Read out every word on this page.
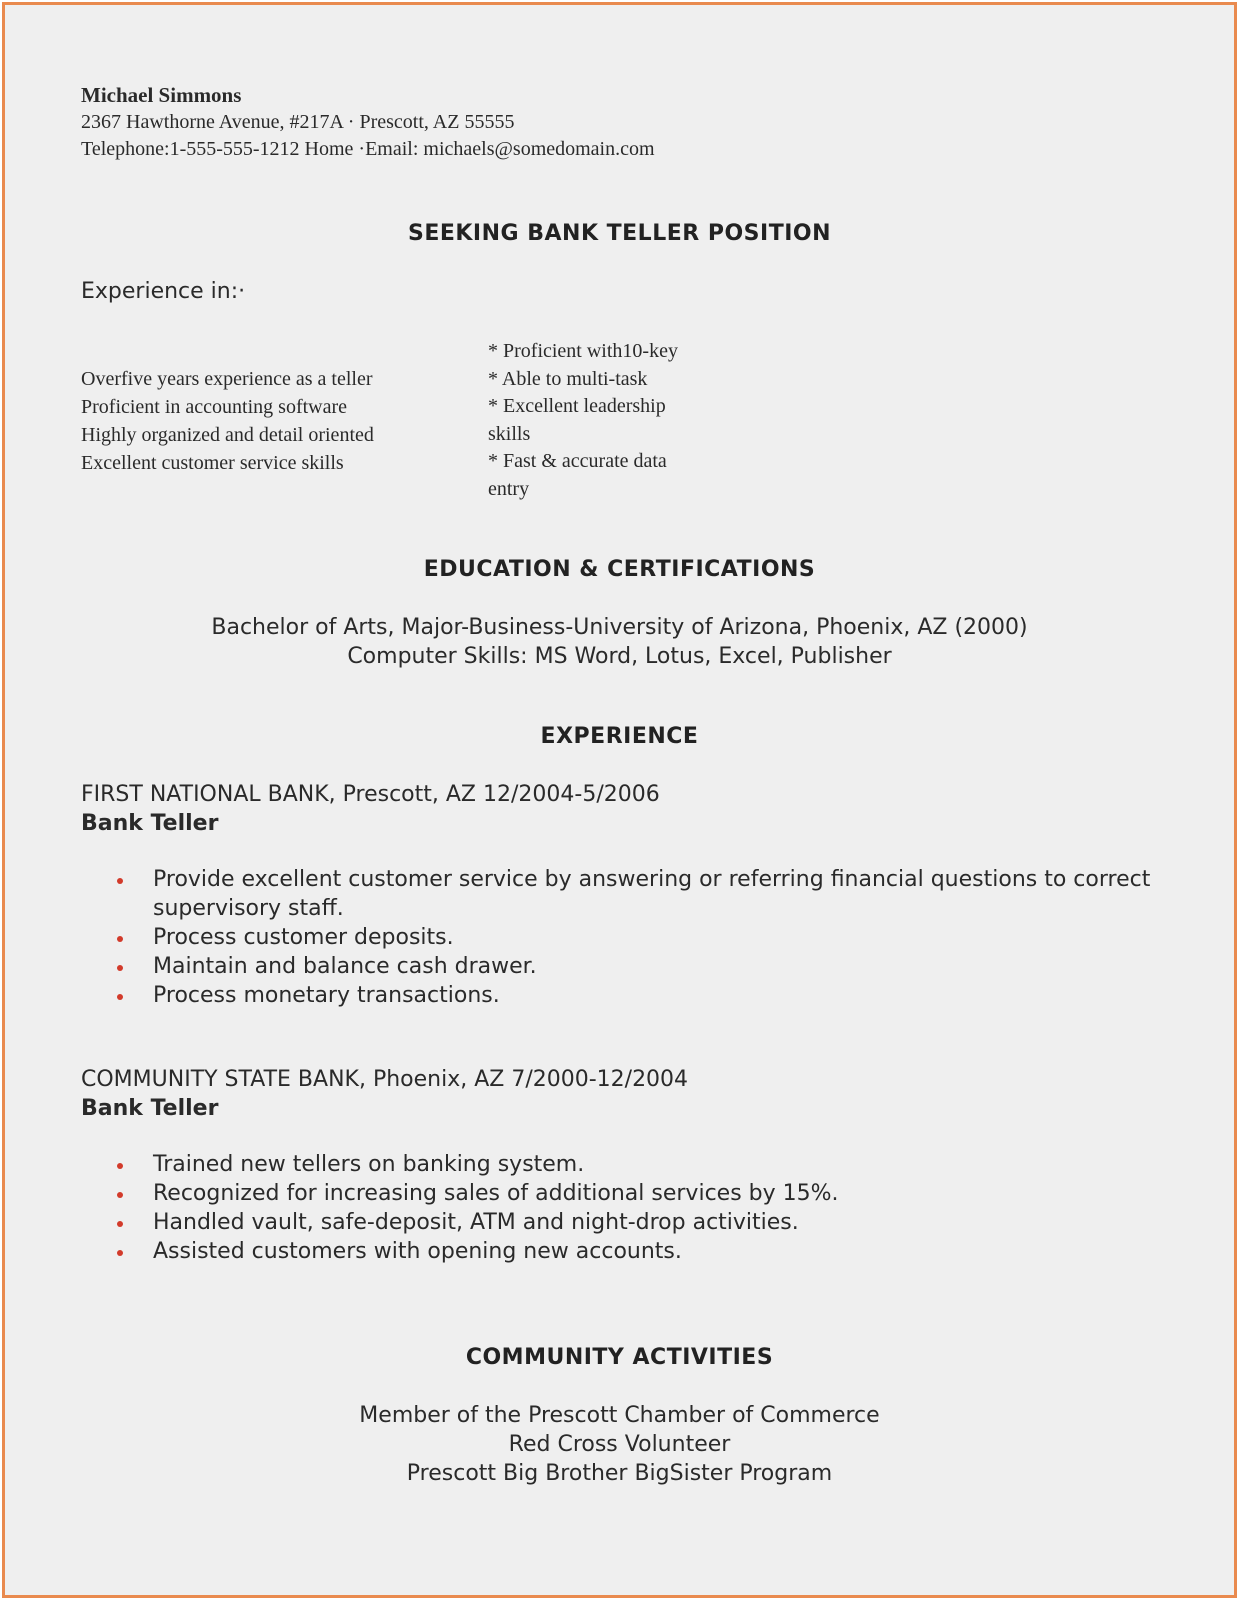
Michael Simmons
2367 Hawthorne Avenue, #217A · Prescott, AZ 55555
Telephone:1-555-555-1212 Home ·Email: michaels@somedomain.com
SEEKING BANK TELLER POSITION
Experience in:·
Overfive years experience as a teller
Proficient in accounting software
Highly organized and detail oriented
Excellent customer service skills
* Proficient with10-key
* Able to multi-task
* Excellent leadership
skills
* Fast & accurate data
entry
EDUCATION & CERTIFICATIONS
Bachelor of Arts, Major-Business-University of Arizona, Phoenix, AZ (2000)
Computer Skills: MS Word, Lotus, Excel, Publisher
EXPERIENCE
FIRST NATIONAL BANK, Prescott, AZ 12/2004-5/2006
Bank Teller
Provide excellent customer service by answering or referring financial questions to correct supervisory staff.
Process customer deposits.
Maintain and balance cash drawer.
Process monetary transactions.
COMMUNITY STATE BANK, Phoenix, AZ 7/2000-12/2004
Bank Teller
Trained new tellers on banking system.
Recognized for increasing sales of additional services by 15%.
Handled vault, safe-deposit, ATM and night-drop activities.
Assisted customers with opening new accounts.
COMMUNITY ACTIVITIES
Member of the Prescott Chamber of Commerce
Red Cross Volunteer
Prescott Big Brother BigSister Program
